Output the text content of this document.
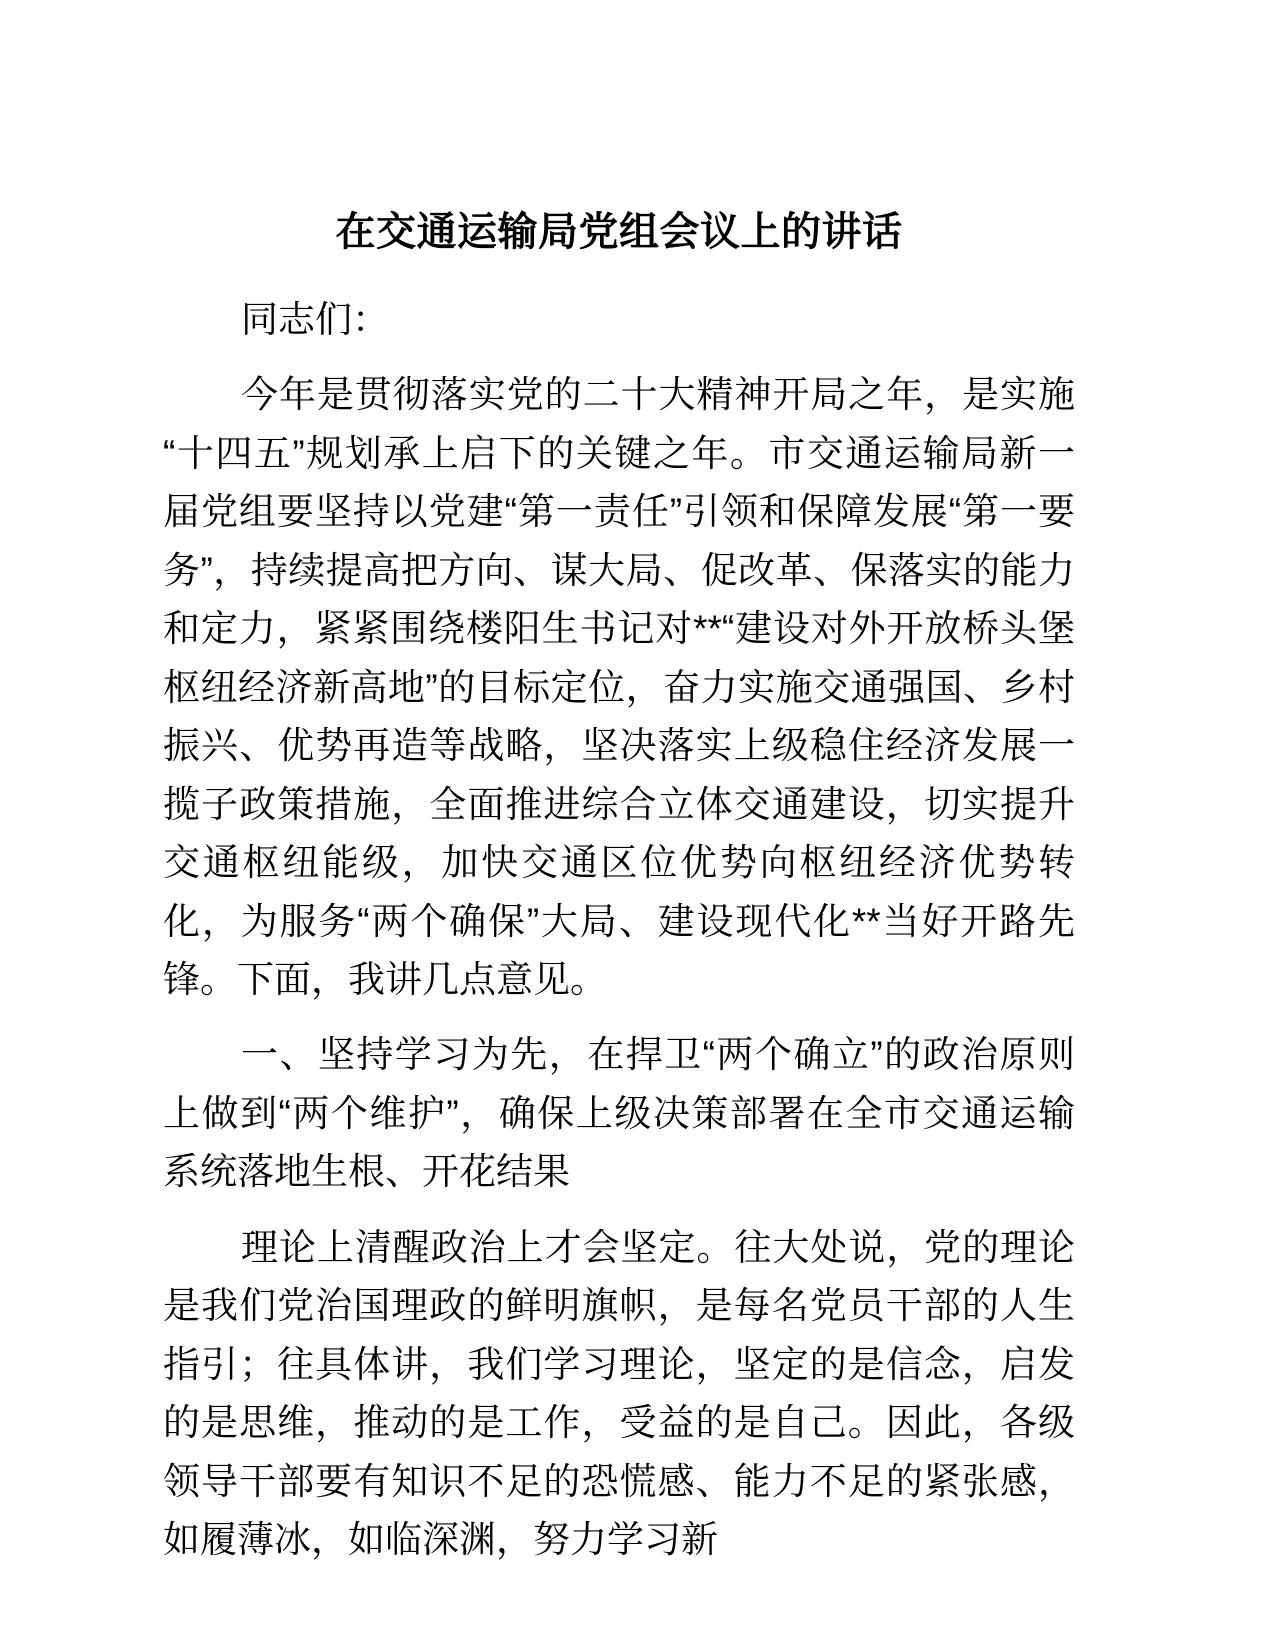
在交通运输局党组会议上的讲话

同志们：

今年是贯彻落实党的二十大精神开局之年，是实施“十四五”规划承上启下的关键之年。市交通运输局新一届党组要坚持以党建“第一责任”引领和保障发展“第一要务”，持续提高把方向、谋大局、促改革、保落实的能力和定力，紧紧围绕楼阳生书记对**“建设对外开放桥头堡枢纽经济新高地”的目标定位，奋力实施交通强国、乡村振兴、优势再造等战略，坚决落实上级稳住经济发展一揽子政策措施，全面推进综合立体交通建设，切实提升交通枢纽能级，加快交通区位优势向枢纽经济优势转化，为服务“两个确保”大局、建设现代化**当好开路先锋。下面，我讲几点意见。

一、坚持学习为先，在捍卫“两个确立”的政治原则上做到“两个维护”，确保上级决策部署在全市交通运输系统落地生根、开花结果

理论上清醒政治上才会坚定。往大处说，党的理论是我们党治国理政的鲜明旗帜，是每名党员干部的人生指引；往具体讲，我们学习理论，坚定的是信念，启发的是思维，推动的是工作，受益的是自己。因此，各级领导干部要有知识不足的恐慌感、能力不足的紧张感，如履薄冰，如临深渊，努力学习新
